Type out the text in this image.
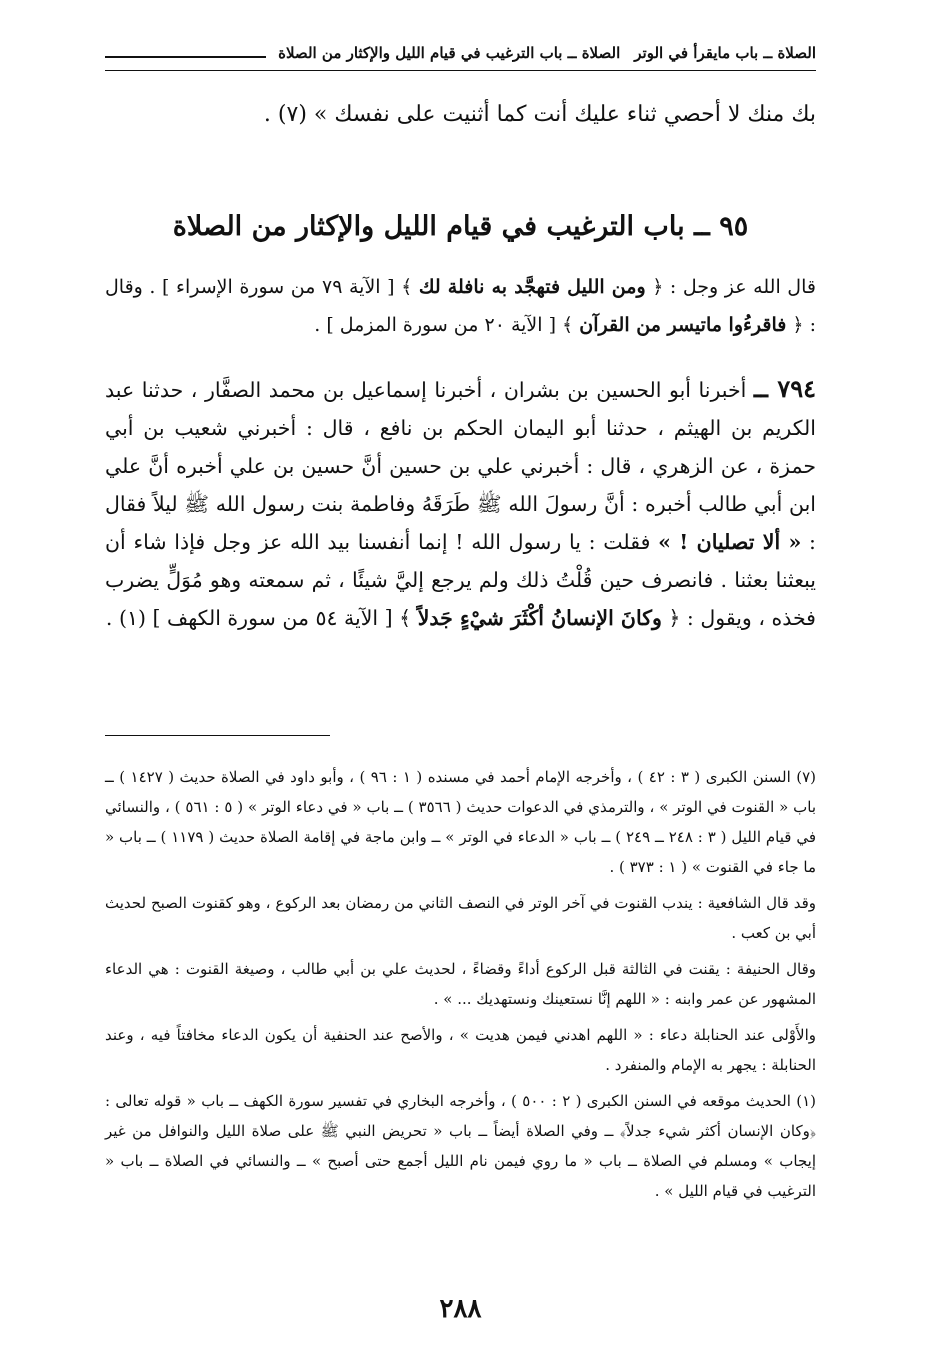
الصلاة ــ باب مايقرأ في الوتر
الصلاة ــ باب الترغيب في قيام الليل والإكثار من الصلاة
بك منك لا أحصي ثناء عليك أنت كما أثنيت على نفسك » (٧) .
٩٥ ــ باب الترغيب في قيام الليل والإكثار من الصلاة
قال الله عز وجل : ﴿ ومن الليل فتهجَّد به نافلة لك ﴾ [ الآية ٧٩ من سورة الإسراء ] . وقال : ﴿ فاقرءُوا ماتيسر من القرآن ﴾ [ الآية ٢٠ من سورة المزمل ] .
٧٩٤ ــ أخبرنا أبو الحسين بن بشران ، أخبرنا إسماعيل بن محمد الصفَّار ، حدثنا عبد الكريم بن الهيثم ، حدثنا أبو اليمان الحكم بن نافع ، قال : أخبرني شعيب بن أبي حمزة ، عن الزهري ، قال : أخبرني علي بن حسين أنَّ حسين بن علي أخبره أنَّ علي ابن أبي طالب أخبره : أنَّ رسولَ الله ﷺ طَرَقَهُ وفاطمة بنت رسول الله ﷺ ليلاً فقال : « ألا تصليان ! » فقلت : يا رسول الله ! إنما أنفسنا بيد الله عز وجل فإذا شاء أن يبعثنا بعثنا . فانصرف حين قُلْتُ ذلك ولم يرجع إليَّ شيئًا ، ثم سمعته وهو مُوَلٍّ يضرب فخذه ، ويقول : ﴿ وكانَ الإنسانُ أكْثَرَ شيْءٍ جَدلاً ﴾ [ الآية ٥٤ من سورة الكهف ] (١) .

(٧) السنن الكبرى ( ٣ : ٤٢ ) ، وأخرجه الإمام أحمد في مسنده ( ١ : ٩٦ ) ، وأبو داود في الصلاة حديث ( ١٤٢٧ ) ــ باب « القنوت في الوتر » ، والترمذي في الدعوات حديث ( ٣٥٦٦ ) ــ باب « في دعاء الوتر » ( ٥ : ٥٦١ ) ، والنسائي في قيام الليل ( ٣ : ٢٤٨ ــ ٢٤٩ ) ــ باب « الدعاء في الوتر » ــ وابن ماجة في إقامة الصلاة حديث ( ١١٧٩ ) ــ باب « ما جاء في القنوت » ( ١ : ٣٧٣ ) .

وقد قال الشافعية : يندب القنوت في آخر الوتر في النصف الثاني من رمضان بعد الركوع ، وهو كقنوت الصبح لحديث أبي بن كعب .

وقال الحنيفة : يقنت في الثالثة قبل الركوع أداءً وقضاءً ، لحديث علي بن أبي طالب ، وصيغة القنوت : هي الدعاء المشهور عن عمر وابنه : « اللهم إنَّا نستعينك ونستهديك ... » .

والأَوْلى عند الحنابلة دعاء : « اللهم اهدني فيمن هديت » ، والأصح عند الحنفية أن يكون الدعاء مخافتاً فيه ، وعند الحنابلة : يجهر به الإمام والمنفرد .

(١) الحديث موقعه في السنن الكبرى ( ٢ : ٥٠٠ ) ، وأخرجه البخاري في تفسير سورة الكهف ــ باب « قوله تعالى : ﴿وكان الإنسان أكثر شيء جدلاً﴾ ــ وفي الصلاة أيضاً ــ باب « تحريض النبي ﷺ على صلاة الليل والنوافل من غير إيجاب » ومسلم في الصلاة ــ باب « ما روي فيمن نام الليل أجمع حتى أصبح » ــ والنسائي في الصلاة ــ باب « الترغيب في قيام الليل » .

٢٨٨
